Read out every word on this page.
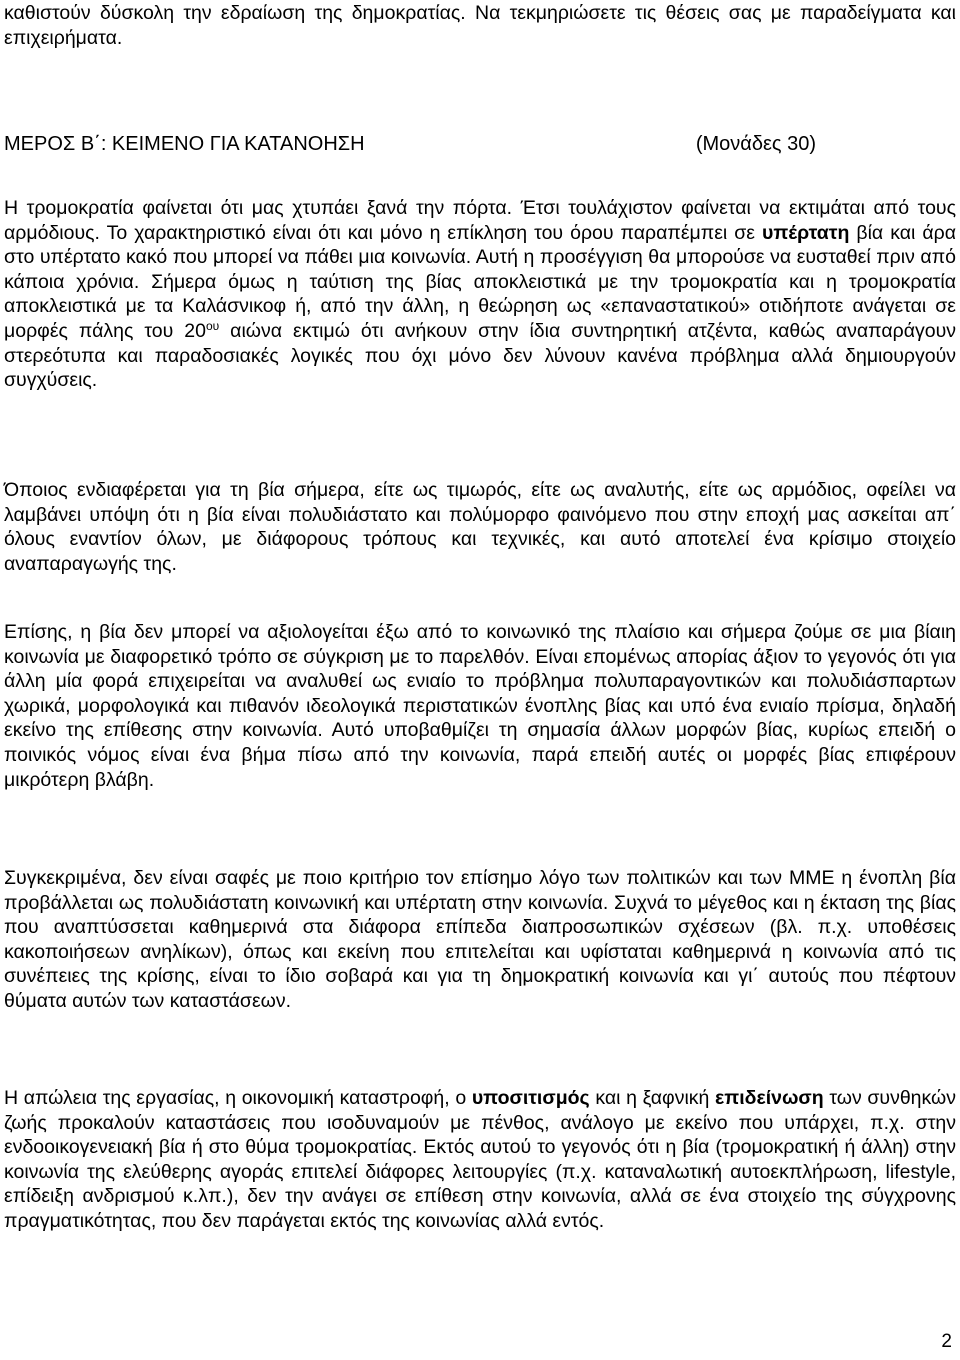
καθιστούν δύσκολη την εδραίωση της δημοκρατίας. Να τεκμηριώσετε τις θέσεις σας με παραδείγματα και επιχειρήματα.

ΜΕΡΟΣ Β΄: ΚΕΙΜΕΝΟ ΓΙΑ ΚΑΤΑΝΟΗΣΗ	(Μονάδες 30)

Η τρομοκρατία φαίνεται ότι μας χτυπάει ξανά την πόρτα. Έτσι τουλάχιστον φαίνεται να εκτιμάται από τους αρμόδιους. Το χαρακτηριστικό είναι ότι και μόνο η επίκληση του όρου παραπέμπει σε υπέρτατη βία και άρα στο υπέρτατο κακό που μπορεί να πάθει μια κοινωνία. Αυτή η προσέγγιση θα μπορούσε να ευσταθεί πριν από κάποια χρόνια. Σήμερα όμως η ταύτιση της βίας αποκλειστικά με την τρομοκρατία και η τρομοκρατία αποκλειστικά με τα Καλάσνικοφ ή, από την άλλη, η θεώρηση ως «επαναστατικού» οτιδήποτε ανάγεται σε μορφές πάλης του $20^{o\upsilon}$ αιώνα εκτιμώ ότι ανήκουν στην ίδια συντηρητική ατζέντα, καθώς αναπαράγουν στερεότυπα και παραδοσιακές λογικές που όχι μόνο δεν λύνουν κανένα πρόβλημα αλλά δημιουργούν συγχύσεις.

Όποιος ενδιαφέρεται για τη βία σήμερα, είτε ως τιμωρός, είτε ως αναλυτής, είτε ως αρμόδιος, οφείλει να λαμβάνει υπόψη ότι η βία είναι πολυδιάστατο και πολύμορφο φαινόμενο που στην εποχή μας ασκείται απ΄ όλους εναντίον όλων, με διάφορους τρόπους και τεχνικές, και αυτό αποτελεί ένα κρίσιμο στοιχείο αναπαραγωγής της.

Επίσης, η βία δεν μπορεί να αξιολογείται έξω από το κοινωνικό της πλαίσιο και σήμερα ζούμε σε μια βίαιη κοινωνία με διαφορετικό τρόπο σε σύγκριση με το παρελθόν. Είναι επομένως απορίας άξιον το γεγονός ότι για άλλη μία φορά επιχειρείται να αναλυθεί ως ενιαίο το πρόβλημα πολυπαραγοντικών και πολυδιάσπαρτων χωρικά, μορφολογικά και πιθανόν ιδεολογικά περιστατικών ένοπλης βίας και υπό ένα ενιαίο πρίσμα, δηλαδή εκείνο της επίθεσης στην κοινωνία. Αυτό υποβαθμίζει τη σημασία άλλων μορφών βίας, κυρίως επειδή ο ποινικός νόμος είναι ένα βήμα πίσω από την κοινωνία, παρά επειδή αυτές οι μορφές βίας επιφέρουν μικρότερη βλάβη.

Συγκεκριμένα, δεν είναι σαφές με ποιο κριτήριο τον επίσημο λόγο των πολιτικών και των ΜΜΕ η ένοπλη βία προβάλλεται ως πολυδιάστατη κοινωνική και υπέρτατη στην κοινωνία. Συχνά το μέγεθος και η έκταση της βίας που αναπτύσσεται καθημερινά στα διάφορα επίπεδα διαπροσωπικών σχέσεων (βλ. π.χ. υποθέσεις κακοποιήσεων ανηλίκων), όπως και εκείνη που επιτελείται και υφίσταται καθημερινά η κοινωνία από τις συνέπειες της κρίσης, είναι το ίδιο σοβαρά και για τη δημοκρατική κοινωνία και γι΄ αυτούς που πέφτουν θύματα αυτών των καταστάσεων.

Η απώλεια της εργασίας, η οικονομική καταστροφή, ο υποσιτισμός και η ξαφνική επιδείνωση των συνθηκών ζωής προκαλούν καταστάσεις που ισοδυναμούν με πένθος, ανάλογο με εκείνο που υπάρχει, π.χ. στην ενδοοικογενειακή βία ή στο θύμα τρομοκρατίας. Εκτός αυτού το γεγονός ότι η βία (τρομοκρατική ή άλλη) στην κοινωνία της ελεύθερης αγοράς επιτελεί διάφορες λειτουργίες (π.χ. καταναλωτική αυτοεκπλήρωση, lifestyle, επίδειξη ανδρισμού κ.λπ.), δεν την ανάγει σε επίθεση στην κοινωνία, αλλά σε ένα στοιχείο της σύγχρονης πραγματικότητας, που δεν παράγεται εκτός της κοινωνίας αλλά εντός.

2
